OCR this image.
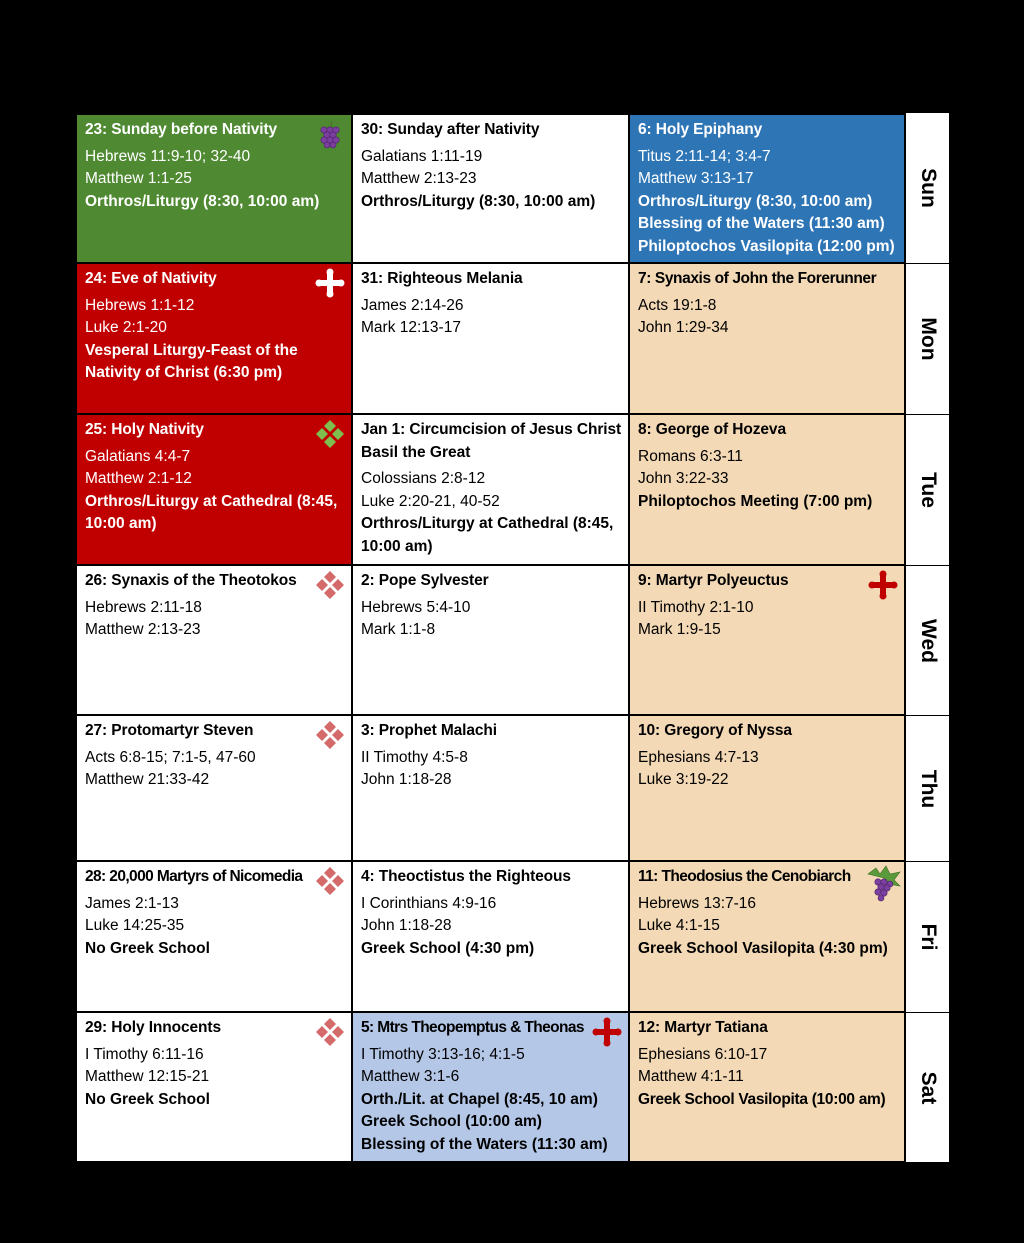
23: Sunday before Nativity
Hebrews 11:9-10; 32-40
Matthew 1:1-25
Orthros/Liturgy (8:30, 10:00 am)
24: Eve of Nativity
Hebrews 1:1-12
Luke 2:1-20
Vesperal Liturgy-Feast of the Nativity of Christ (6:30 pm)
25: Holy Nativity
Galatians 4:4-7
Matthew 2:1-12
Orthros/Liturgy at Cathedral (8:45, 10:00 am)
26: Synaxis of the Theotokos
Hebrews 2:11-18
Matthew 2:13-23
27: Protomartyr Steven
Acts 6:8-15; 7:1-5, 47-60
Matthew 21:33-42
28: 20,000 Martyrs of Nicomedia
James 2:1-13
Luke 14:25-35
No Greek School
29: Holy Innocents
I Timothy 6:11-16
Matthew 12:15-21
No Greek School
30: Sunday after Nativity
Galatians 1:11-19
Matthew 2:13-23
Orthros/Liturgy (8:30, 10:00 am)
31: Righteous Melania
James 2:14-26
Mark 12:13-17
Jan 1: Circumcision of Jesus Christ
Basil the Great
Colossians 2:8-12
Luke 2:20-21, 40-52
Orthros/Liturgy at Cathedral (8:45, 10:00 am)
2: Pope Sylvester
Hebrews 5:4-10
Mark 1:1-8
3: Prophet Malachi
II Timothy 4:5-8
John 1:18-28
4: Theoctistus the Righteous
I Corinthians 4:9-16
John 1:18-28
Greek School (4:30 pm)
5: Mtrs Theopemptus & Theonas
I Timothy 3:13-16; 4:1-5
Matthew 3:1-6
Orth./Lit. at Chapel (8:45, 10 am)
Greek School (10:00 am)
Blessing of the Waters (11:30 am)
6: Holy Epiphany
Titus 2:11-14; 3:4-7
Matthew 3:13-17
Orthros/Liturgy (8:30, 10:00 am)
Blessing of the Waters (11:30 am)
Philoptochos Vasilopita (12:00 pm)
7: Synaxis of John the Forerunner
Acts 19:1-8
John 1:29-34
8: George of Hozeva
Romans 6:3-11
John 3:22-33
Philoptochos Meeting (7:00 pm)
9: Martyr Polyeuctus
II Timothy 2:1-10
Mark 1:9-15
10: Gregory of Nyssa
Ephesians 4:7-13
Luke 3:19-22
11: Theodosius the Cenobiarch
Hebrews 13:7-16
Luke 4:1-15
Greek School Vasilopita (4:30 pm)
12: Martyr Tatiana
Ephesians 6:10-17
Matthew 4:1-11
Greek School Vasilopita (10:00 am)
Sun
Mon
Tue
Wed
Thu
Fri
Sat
